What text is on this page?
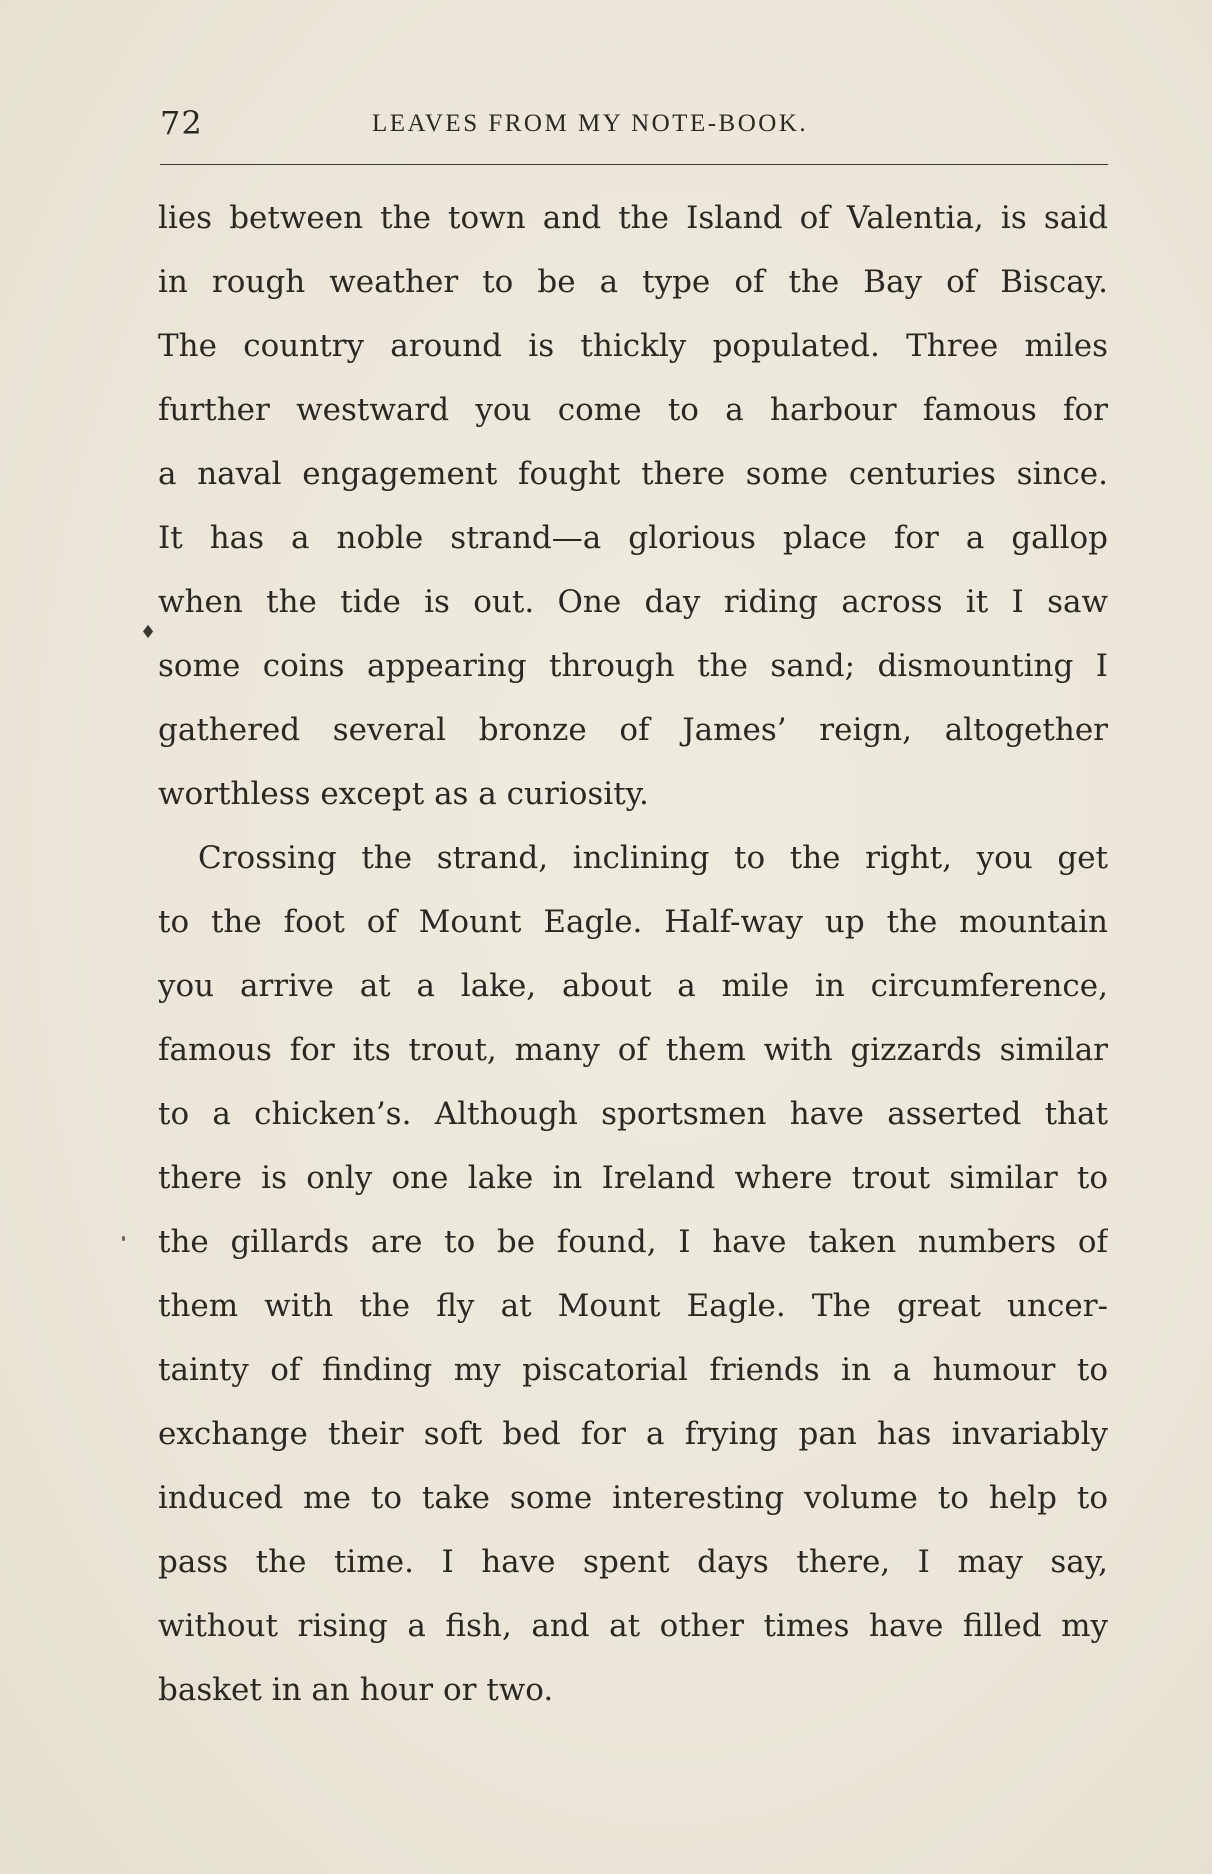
72	LEAVES FROM MY NOTE-BOOK.
♦
lies between the town and the Island of Valentia, is said
in rough weather to be a type of the Bay of Biscay.
The country around is thickly populated. Three miles
further westward you come to a harbour famous for
a naval engagement fought there some centuries since.
It has a noble strand—a glorious place for a gallop
when the tide is out. One day riding across it I saw
some coins appearing through the sand; dismounting I
gathered several bronze of James’ reign, altogether
worthless except as a curiosity.
Crossing the strand, inclining to the right, you get
to the foot of Mount Eagle. Half-way up the mountain
you arrive at a lake, about a mile in circumference,
famous for its trout, many of them with gizzards similar
to a chicken’s. Although sportsmen have asserted that
there is only one lake in Ireland where trout similar to
the gillards are to be found, I have taken numbers of
them with the fly at Mount Eagle. The great uncer-
tainty of finding my piscatorial friends in a humour to
exchange their soft bed for a frying pan has invariably
induced me to take some interesting volume to help to
pass the time. I have spent days there, I may say,
without rising a fish, and at other times have filled my
basket in an hour or two.
